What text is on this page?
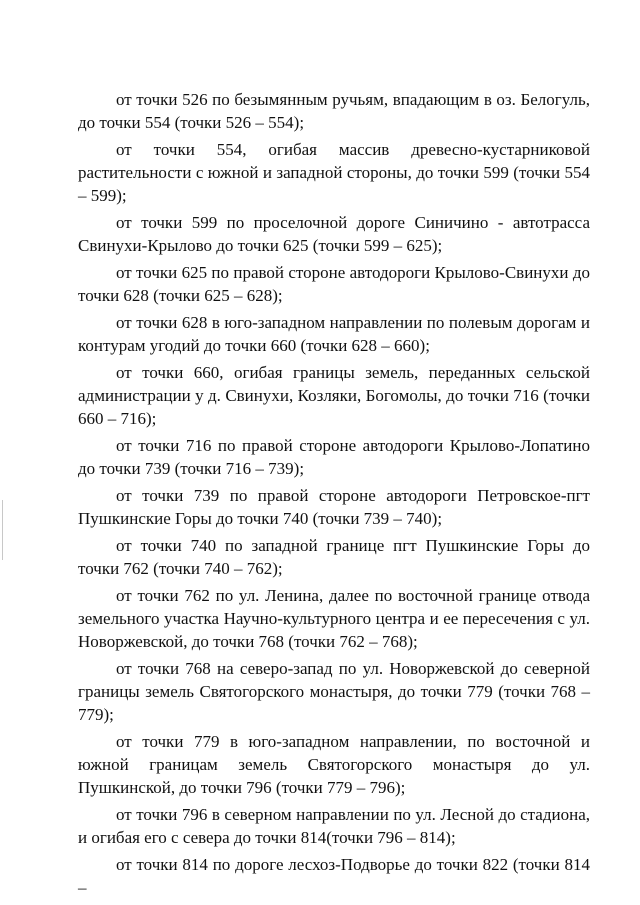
от точки 526 по безымянным ручьям, впадающим в оз. Белогуль, до точки 554 (точки 526 – 554);

от точки 554, огибая массив древесно-кустарниковой растительности с южной и западной стороны, до точки 599 (точки 554 – 599);

от точки 599 по проселочной дороге Синичино - автотрасса Свинухи-Крылово до точки 625 (точки 599 – 625);

от точки 625 по правой стороне автодороги Крылово-Свинухи до точки 628 (точки 625 – 628);

от точки 628 в юго-западном направлении по полевым дорогам и контурам угодий до точки 660 (точки 628 – 660);

от точки 660, огибая границы земель, переданных сельской администрации у д. Свинухи, Козляки, Богомолы, до точки 716 (точки 660 – 716);

от точки 716 по правой стороне автодороги Крылово-Лопатино до точки 739 (точки 716 – 739);

от точки 739 по правой стороне автодороги Петровское-пгт Пушкинские Горы до точки 740 (точки 739 – 740);

от точки 740 по западной границе пгт Пушкинские Горы до точки 762 (точки 740 – 762);

от точки 762 по ул. Ленина, далее по восточной границе отвода земельного участка Научно-культурного центра и ее пересечения с ул. Новоржевской, до точки 768 (точки 762 – 768);

от точки 768 на северо-запад по ул. Новоржевской до северной границы земель Святогорского монастыря, до точки 779 (точки 768 – 779);

от точки 779 в юго-западном направлении, по восточной и южной границам земель Святогорского монастыря до ул. Пушкинской, до точки 796 (точки 779 – 796);

от точки 796 в северном направлении по ул. Лесной до стадиона, и огибая его с севера до точки 814(точки 796 – 814);

от точки 814 по дороге лесхоз-Подворье до точки 822 (точки 814 –
